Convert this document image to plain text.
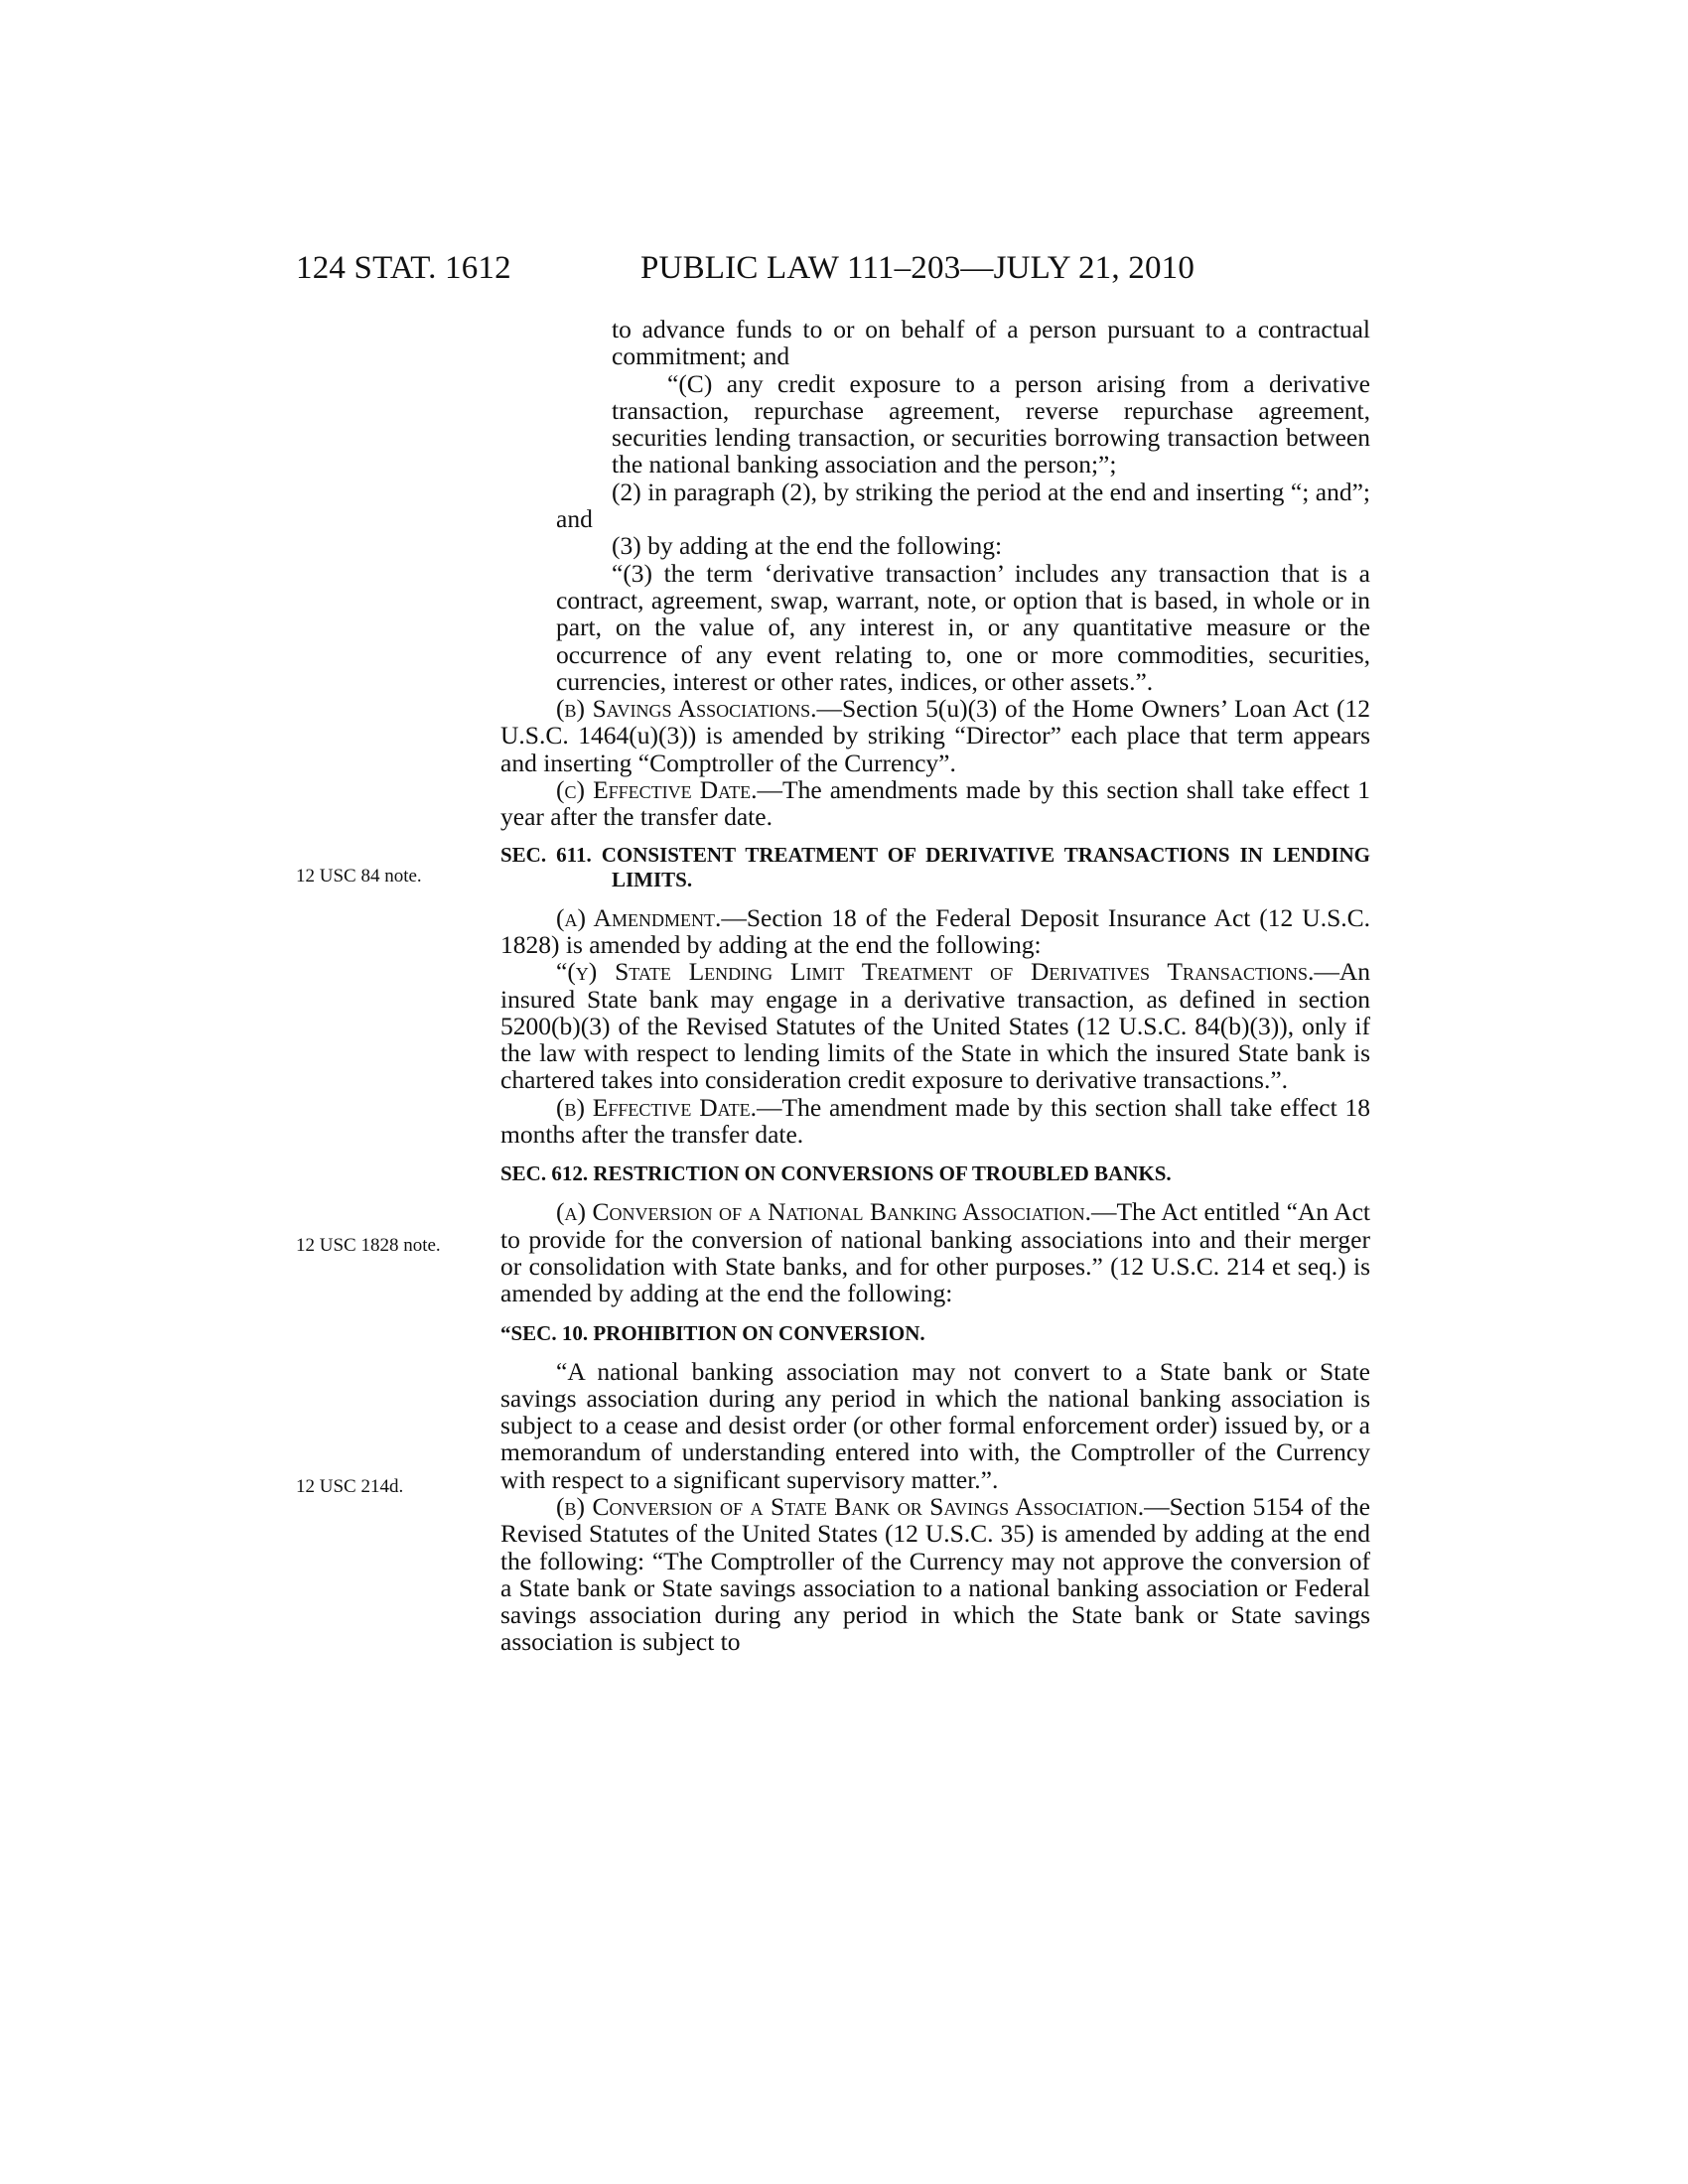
124 STAT. 1612	PUBLIC LAW 111–203—JULY 21, 2010
12 USC 84 note.
12 USC 1828 note.
12 USC 214d.

to advance funds to or on behalf of a person pursuant to a contractual commitment; and

“(C) any credit exposure to a person arising from a derivative transaction, repurchase agreement, reverse repurchase agreement, securities lending transaction, or securities borrowing transaction between the national banking association and the person;”;

(2) in paragraph (2), by striking the period at the end and inserting “; and”; and

(3) by adding at the end the following:

“(3) the term ‘derivative transaction’ includes any transaction that is a contract, agreement, swap, warrant, note, or option that is based, in whole or in part, on the value of, any interest in, or any quantitative measure or the occurrence of any event relating to, one or more commodities, securities, currencies, interest or other rates, indices, or other assets.”.

(b) Savings Associations.—Section 5(u)(3) of the Home Owners’ Loan Act (12 U.S.C. 1464(u)(3)) is amended by striking “Director” each place that term appears and inserting “Comptroller of the Currency”.

(c) Effective Date.—The amendments made by this section shall take effect 1 year after the transfer date.

SEC. 611. CONSISTENT TREATMENT OF DERIVATIVE TRANSACTIONS IN LENDING LIMITS.

(a) Amendment.—Section 18 of the Federal Deposit Insurance Act (12 U.S.C. 1828) is amended by adding at the end the following:

“(y) State Lending Limit Treatment of Derivatives Transactions.—An insured State bank may engage in a derivative transaction, as defined in section 5200(b)(3) of the Revised Statutes of the United States (12 U.S.C. 84(b)(3)), only if the law with respect to lending limits of the State in which the insured State bank is chartered takes into consideration credit exposure to derivative transactions.”.

(b) Effective Date.—The amendment made by this section shall take effect 18 months after the transfer date.

SEC. 612. RESTRICTION ON CONVERSIONS OF TROUBLED BANKS.

(a) Conversion of a National Banking Association.—The Act entitled “An Act to provide for the conversion of national banking associations into and their merger or consolidation with State banks, and for other purposes.” (12 U.S.C. 214 et seq.) is amended by adding at the end the following:

“SEC. 10. PROHIBITION ON CONVERSION.

“A national banking association may not convert to a State bank or State savings association during any period in which the national banking association is subject to a cease and desist order (or other formal enforcement order) issued by, or a memorandum of understanding entered into with, the Comptroller of the Currency with respect to a significant supervisory matter.”.

(b) Conversion of a State Bank or Savings Association.—Section 5154 of the Revised Statutes of the United States (12 U.S.C. 35) is amended by adding at the end the following: “The Comptroller of the Currency may not approve the conversion of a State bank or State savings association to a national banking association or Federal savings association during any period in which the State bank or State savings association is subject to
